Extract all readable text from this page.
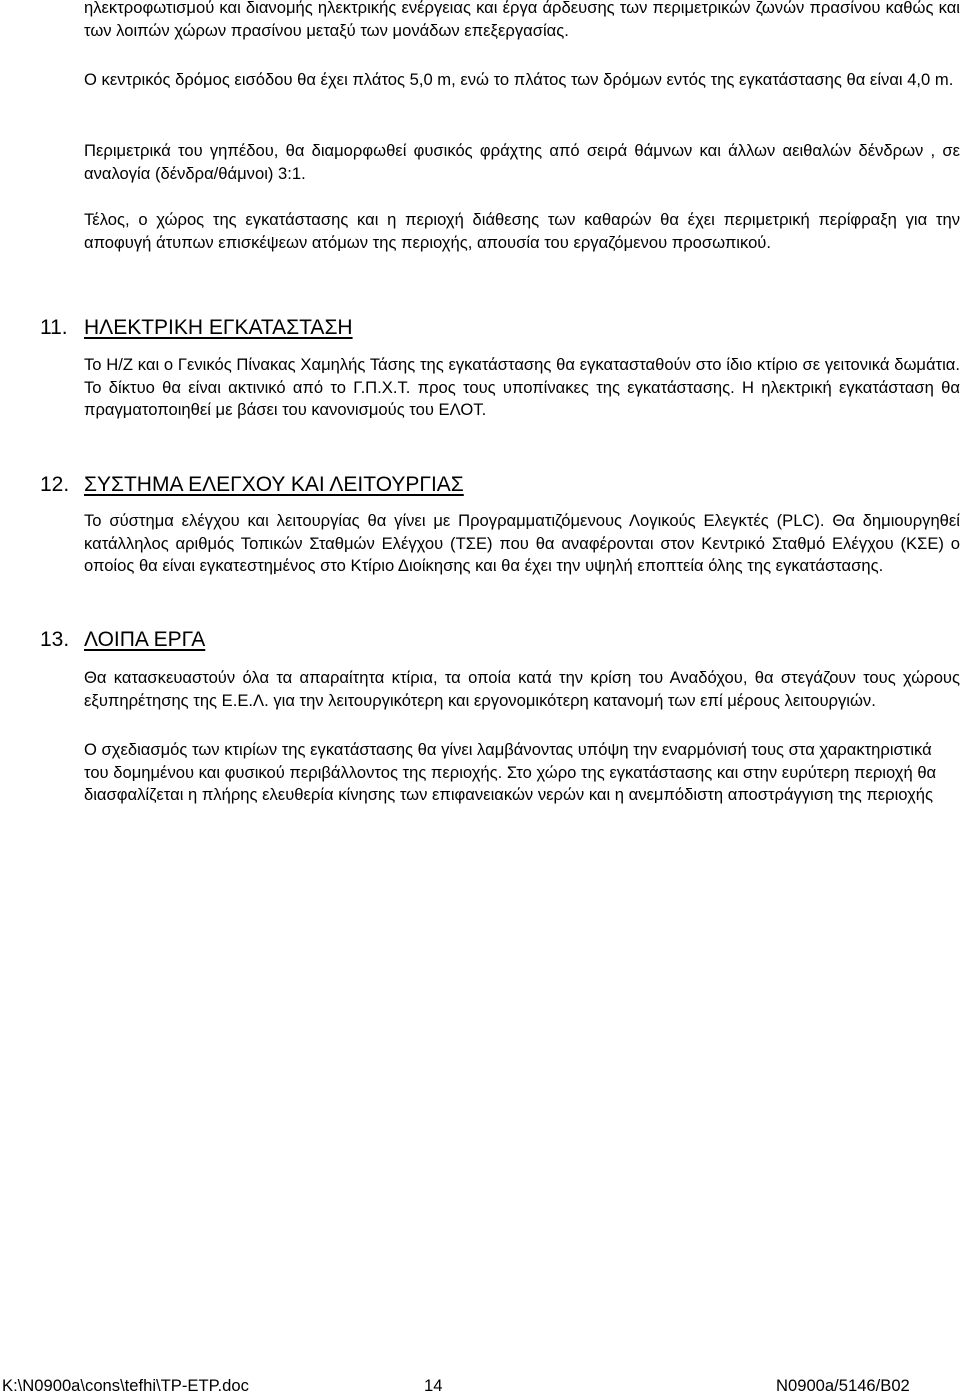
ηλεκτροφωτισμού και διανομής ηλεκτρικής ενέργειας και έργα άρδευσης των περιμετρικών ζωνών πρασίνου καθώς και των λοιπών χώρων πρασίνου μεταξύ των μονάδων επεξεργασίας.

Ο κεντρικός δρόμος εισόδου θα έχει πλάτος 5,0 m, ενώ το πλάτος των δρόμων εντός της εγκατάστασης θα είναι 4,0 m.

Περιμετρικά του γηπέδου, θα διαμορφωθεί φυσικός φράχτης από σειρά θάμνων και άλλων αειθαλών δένδρων , σε αναλογία (δένδρα/θάμνοι) 3:1.

Τέλος, ο χώρος της εγκατάστασης και η περιοχή διάθεσης των καθαρών θα έχει περιμετρική περίφραξη για την αποφυγή άτυπων επισκέψεων ατόμων της περιοχής, απουσία του εργαζόμενου προσωπικού.

11. ΗΛΕΚΤΡΙΚΗ ΕΓΚΑΤΑΣΤΑΣΗ

Το Η/Ζ και ο Γενικός Πίνακας Χαμηλής Τάσης της εγκατάστασης θα εγκατασταθούν στο ίδιο κτίριο σε γειτονικά δωμάτια. Το δίκτυο θα είναι ακτινικό από το Γ.Π.Χ.Τ. προς τους υποπίνακες της εγκατάστασης. Η ηλεκτρική εγκατάσταση θα πραγματοποιηθεί με βάσει του κανονισμούς του ΕΛΟΤ.

12. ΣΥΣΤΗΜΑ ΕΛΕΓΧΟΥ ΚΑΙ ΛΕΙΤΟΥΡΓΙΑΣ

Το σύστημα ελέγχου και λειτουργίας θα γίνει με Προγραμματιζόμενους Λογικούς Ελεγκτές (PLC). Θα δημιουργηθεί κατάλληλος αριθμός Τοπικών Σταθμών Ελέγχου (ΤΣΕ) που θα αναφέρονται στον Κεντρικό Σταθμό Ελέγχου (ΚΣΕ) ο οποίος θα είναι εγκατεστημένος στο Κτίριο Διοίκησης και θα έχει την υψηλή εποπτεία όλης της εγκατάστασης.

13. ΛΟΙΠΑ ΕΡΓΑ

Θα κατασκευαστούν όλα τα απαραίτητα κτίρια, τα οποία κατά την κρίση του Αναδόχου, θα στεγάζουν τους χώρους εξυπηρέτησης της Ε.Ε.Λ. για την λειτουργικότερη και εργονομικότερη κατανομή των επί μέρους λειτουργιών.

Ο σχεδιασμός των κτιρίων της εγκατάστασης θα γίνει λαμβάνοντας υπόψη την εναρμόνισή τους στα χαρακτηριστικά του δομημένου και φυσικού περιβάλλοντος της περιοχής. Στο χώρο της εγκατάστασης και στην ευρύτερη περιοχή θα διασφαλίζεται η πλήρης ελευθερία κίνησης των επιφανειακών νερών και η ανεμπόδιστη αποστράγγιση της περιοχής

K:\N0900a\cons\tefhi\TP-ETP.doc	14	N0900a/5146/B02
